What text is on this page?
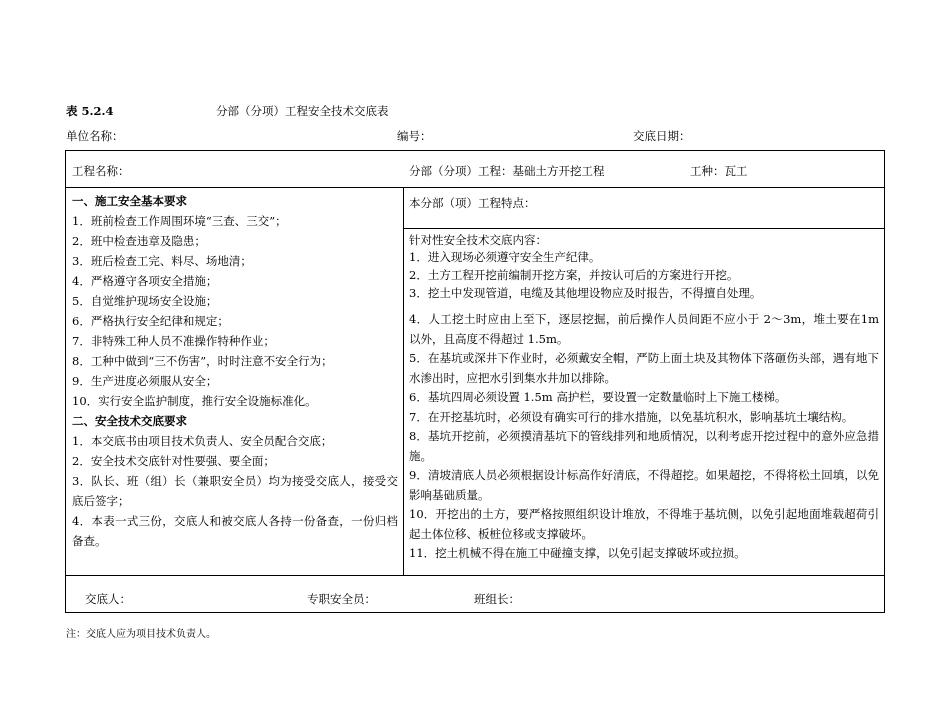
表 5.2.4	分部（分项）工程安全技术交底表
单位名称：	编号：	交底日期：
工程名称：	分部（分项）工程：基础土方开挖工程	工种：瓦工
一、施工安全基本要求
1．班前检查工作周围环境“三查、三交”；
2．班中检查违章及隐患；
3．班后检查工完、料尽、场地清；
4．严格遵守各项安全措施；
5．自觉维护现场安全设施；
6．严格执行安全纪律和规定；
7．非特殊工种人员不准操作特种作业；
8．工种中做到“三不伤害”，时时注意不安全行为；
9．生产进度必须服从安全；
10．实行安全监护制度，推行安全设施标准化。
二、安全技术交底要求
1．本交底书由项目技术负责人、安全员配合交底；
2．安全技术交底针对性要强、要全面；
3．队长、班（组）长（兼职安全员）均为接受交底人，接受交底后签字；
4．本表一式三份，交底人和被交底人各持一份备查，一份归档备查。
本分部（项）工程特点：
针对性安全技术交底内容：
1．进入现场必须遵守安全生产纪律。
2．土方工程开挖前编制开挖方案，并按认可后的方案进行开挖。
3．挖土中发现管道，电缆及其他埋设物应及时报告，不得擅自处理。
4．人工挖土时应由上至下，逐层挖掘，前后操作人员间距不应小于 2～3m，堆土要在1m 以外，且高度不得超过 1.5m。
5．在基坑或深井下作业时，必须戴安全帽，严防上面土块及其物体下落砸伤头部，遇有地下水渗出时，应把水引到集水井加以排除。
6．基坑四周必须设置 1.5m 高护栏，要设置一定数量临时上下施工楼梯。
7．在开挖基坑时，必须设有确实可行的排水措施，以免基坑积水，影响基坑土壤结构。
8．基坑开挖前，必须摸清基坑下的管线排列和地质情况，以利考虑开挖过程中的意外应急措施。
9．清坡清底人员必须根据设计标高作好清底，不得超挖。如果超挖，不得将松土回填，以免影响基础质量。
10．开挖出的土方，要严格按照组织设计堆放，不得堆于基坑侧，以免引起地面堆载超荷引起土体位移、板桩位移或支撑破坏。
11．挖土机械不得在施工中碰撞支撑，以免引起支撑破坏或拉损。
交底人：	专职安全员：	班组长：
注：交底人应为项目技术负责人。
